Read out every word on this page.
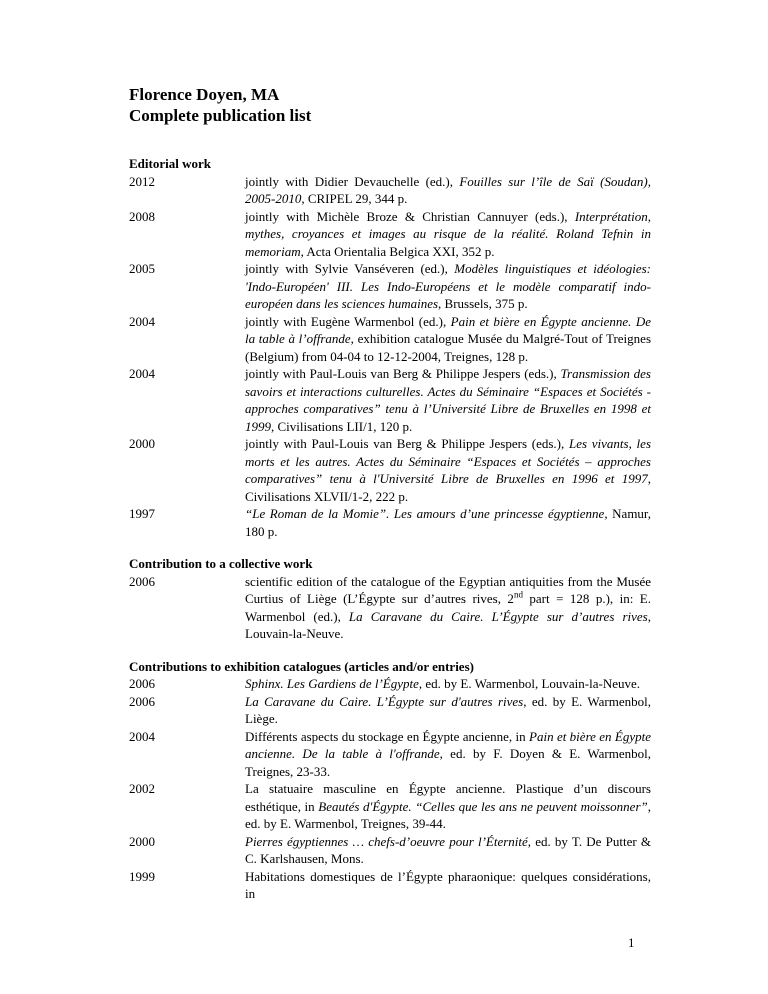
Florence Doyen, MA
Complete publication list
Editorial work
2012	jointly with Didier Devauchelle (ed.), Fouilles sur l’île de Saï (Soudan), 2005-2010, CRIPEL 29, 344 p.
2008	jointly with Michèle Broze & Christian Cannuyer (eds.), Interprétation, mythes, croyances et images au risque de la réalité. Roland Tefnin in memoriam, Acta Orientalia Belgica XXI, 352 p.
2005	jointly with Sylvie Vanséveren (ed.), Modèles linguistiques et idéologies: 'Indo-Européen' III. Les Indo-Européens et le modèle comparatif indo-européen dans les sciences humaines, Brussels, 375 p.
2004	jointly with Eugène Warmenbol (ed.), Pain et bière en Égypte ancienne. De la table à l’offrande, exhibition catalogue Musée du Malgré-Tout of Treignes (Belgium) from 04-04 to 12-12-2004, Treignes, 128 p.
2004	jointly with Paul-Louis van Berg & Philippe Jespers (eds.), Transmission des savoirs et interactions culturelles. Actes du Séminaire “Espaces et Sociétés - approches comparatives” tenu à l’Université Libre de Bruxelles en 1998 et 1999, Civilisations LII/1, 120 p.
2000	jointly with Paul-Louis van Berg & Philippe Jespers (eds.), Les vivants, les morts et les autres. Actes du Séminaire “Espaces et Sociétés – approches comparatives” tenu à l'Université Libre de Bruxelles en 1996 et 1997, Civilisations XLVII/1-2, 222 p.
1997	“Le Roman de la Momie”. Les amours d’une princesse égyptienne, Namur, 180 p.
Contribution to a collective work
2006	scientific edition of the catalogue of the Egyptian antiquities from the Musée Curtius of Liège (L’Égypte sur d’autres rives, 2nd part = 128 p.), in: E. Warmenbol (ed.), La Caravane du Caire. L’Égypte sur d’autres rives, Louvain-la-Neuve.
Contributions to exhibition catalogues (articles and/or entries)
2006	Sphinx. Les Gardiens de l’Égypte, ed. by E. Warmenbol, Louvain-la-Neuve.
2006	La Caravane du Caire. L’Égypte sur d'autres rives, ed. by E. Warmenbol, Liège.
2004	Différents aspects du stockage en Égypte ancienne, in Pain et bière en Égypte ancienne. De la table à l'offrande, ed. by F. Doyen & E. Warmenbol, Treignes, 23-33.
2002	La statuaire masculine en Égypte ancienne. Plastique d’un discours esthétique, in Beautés d'Égypte. “Celles que les ans ne peuvent moissonner”, ed. by E. Warmenbol, Treignes, 39-44.
2000	Pierres égyptiennes … chefs-d’oeuvre pour l’Éternité, ed. by T. De Putter & C. Karlshausen, Mons.
1999	Habitations domestiques de l’Égypte pharaonique: quelques considérations, in
1
